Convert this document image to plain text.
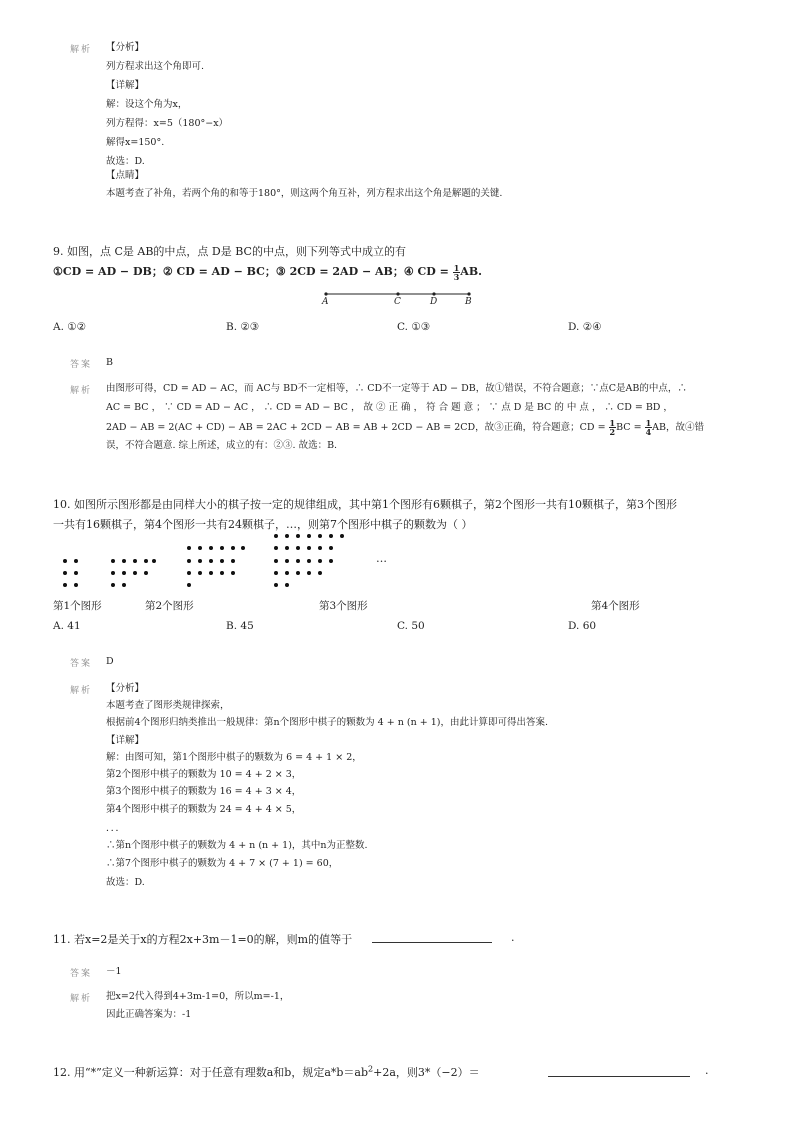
解析 【分析】
列方程求出这个角即可.
【详解】
解：设这个角为x，
列方程得：x=5（180°−x）
解得x=150°.
故选：D.
【点睛】
本题考查了补角，若两个角的和等于180°，则这两个角互补，列方程求出这个角是解题的关键.
9. 如图，点 C是 AB的中点，点 D是 BC的中点，则下列等式中成立的有
①CD = AD − DB；② CD = AD − BC；③ 2CD = 2AD − AB；④ CD = $\frac{1}{3}$ AB.
A	C	D	B
A. ①②	B. ②③	C. ①③	D. ②④
答案 B
解析 由图形可得，CD = AD − AC，而 AC与 BD不一定相等，∴ CD不一定等于 AD − DB，故①错误，不符合题意；∵点C是AB的中点，∴
AC = BC ， ∵ CD = AD − AC ， ∴ CD = AD − BC ， 故 ② 正 确 ， 符 合 题 意 ； ∵ 点 D 是 BC 的 中 点 ， ∴ CD = BD ，
2AD − AB = 2(AC + CD) − AB = 2AC + 2CD − AB = AB + 2CD − AB = 2CD，故③正确，符合题意；CD = $\frac{1}{2}$ BC = $\frac{1}{4}$ AB，故④错
误，不符合题意. 综上所述，成立的有：②③. 故选：B.
10. 如图所示图形都是由同样大小的棋子按一定的规律组成，其中第1个图形有6颗棋子，第2个图形一共有10颗棋子，第3个图形
一共有16颗棋子，第4个图形一共有24颗棋子，…，则第7个图形中棋子的颗数为（ ）
…
第1个图形	第2个图形	第3个图形	第4个图形
A. 41	B. 45	C. 50	D. 60
答案 D
解析 【分析】
本题考查了图形类规律探索，
根据前4个图形归纳类推出一般规律：第n个图形中棋子的颗数为 4 + n (n + 1)，由此计算即可得出答案.
【详解】
解：由图可知，第1个图形中棋子的颗数为 6 = 4 + 1 × 2，
第2个图形中棋子的颗数为 10 = 4 + 2 × 3，
第3个图形中棋子的颗数为 16 = 4 + 3 × 4，
第4个图形中棋子的颗数为 24 = 4 + 4 × 5，
．．．
∴第n个图形中棋子的颗数为 4 + n (n + 1)，其中n为正整数.
∴第7个图形中棋子的颗数为 4 + 7 × (7 + 1) = 60，
故选：D.
11. 若x=2是关于x的方程2x+3m－1=0的解，则m的值等于	.
答案 －1
解析 把x=2代入得到4+3m-1=0，所以m=-1，
因此正确答案为：-1
12. 用“*”定义一种新运算：对于任意有理数a和b，规定$a*b=ab^2+2a$，则3*（−2）＝	.
